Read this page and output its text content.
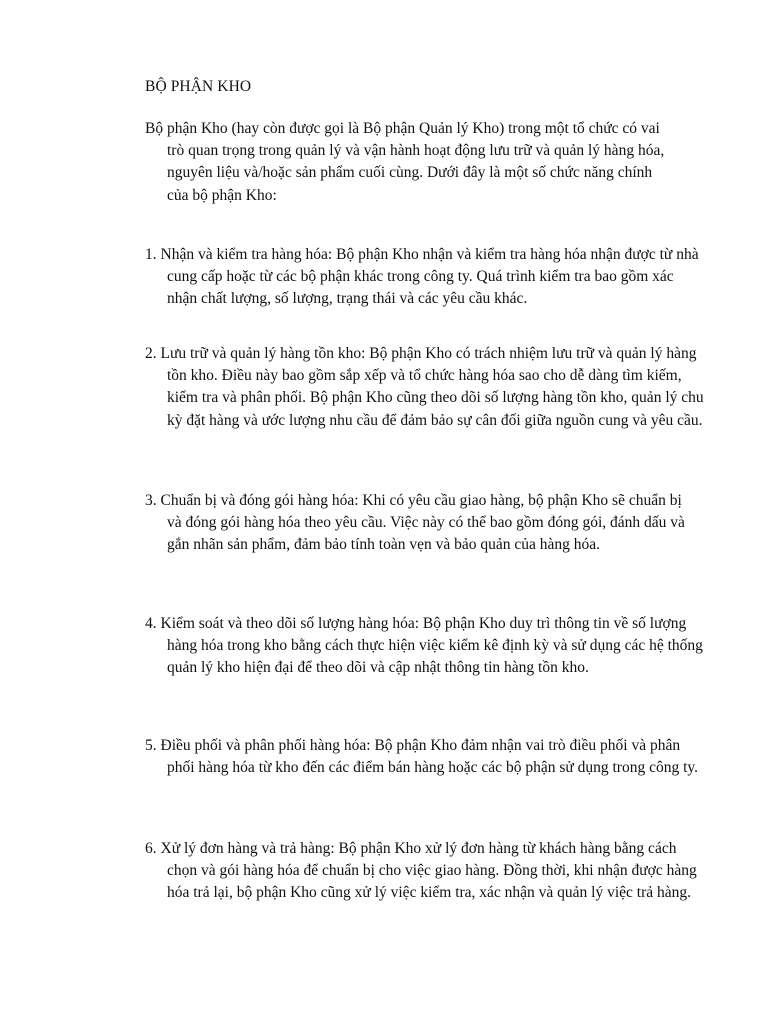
BỘ PHẬN KHO

Bộ phận Kho (hay còn được gọi là Bộ phận Quản lý Kho) trong một tổ chức có vai trò quan trọng trong quản lý và vận hành hoạt động lưu trữ và quản lý hàng hóa, nguyên liệu và/hoặc sản phẩm cuối cùng. Dưới đây là một số chức năng chính của bộ phận Kho:

1. Nhận và kiểm tra hàng hóa: Bộ phận Kho nhận và kiểm tra hàng hóa nhận được từ nhà cung cấp hoặc từ các bộ phận khác trong công ty. Quá trình kiểm tra bao gồm xác nhận chất lượng, số lượng, trạng thái và các yêu cầu khác.

2. Lưu trữ và quản lý hàng tồn kho: Bộ phận Kho có trách nhiệm lưu trữ và quản lý hàng tồn kho. Điều này bao gồm sắp xếp và tổ chức hàng hóa sao cho dễ dàng tìm kiếm, kiểm tra và phân phối. Bộ phận Kho cũng theo dõi số lượng hàng tồn kho, quản lý chu kỳ đặt hàng và ước lượng nhu cầu để đảm bảo sự cân đối giữa nguồn cung và yêu cầu.

3. Chuẩn bị và đóng gói hàng hóa: Khi có yêu cầu giao hàng, bộ phận Kho sẽ chuẩn bị và đóng gói hàng hóa theo yêu cầu. Việc này có thể bao gồm đóng gói, đánh dấu và gắn nhãn sản phẩm, đảm bảo tính toàn vẹn và bảo quản của hàng hóa.

4. Kiểm soát và theo dõi số lượng hàng hóa: Bộ phận Kho duy trì thông tin về số lượng hàng hóa trong kho bằng cách thực hiện việc kiểm kê định kỳ và sử dụng các hệ thống quản lý kho hiện đại để theo dõi và cập nhật thông tin hàng tồn kho.

5. Điều phối và phân phối hàng hóa: Bộ phận Kho đảm nhận vai trò điều phối và phân phối hàng hóa từ kho đến các điểm bán hàng hoặc các bộ phận sử dụng trong công ty.

6. Xử lý đơn hàng và trả hàng: Bộ phận Kho xử lý đơn hàng từ khách hàng bằng cách chọn và gói hàng hóa để chuẩn bị cho việc giao hàng. Đồng thời, khi nhận được hàng hóa trả lại, bộ phận Kho cũng xử lý việc kiểm tra, xác nhận và quản lý việc trả hàng.
